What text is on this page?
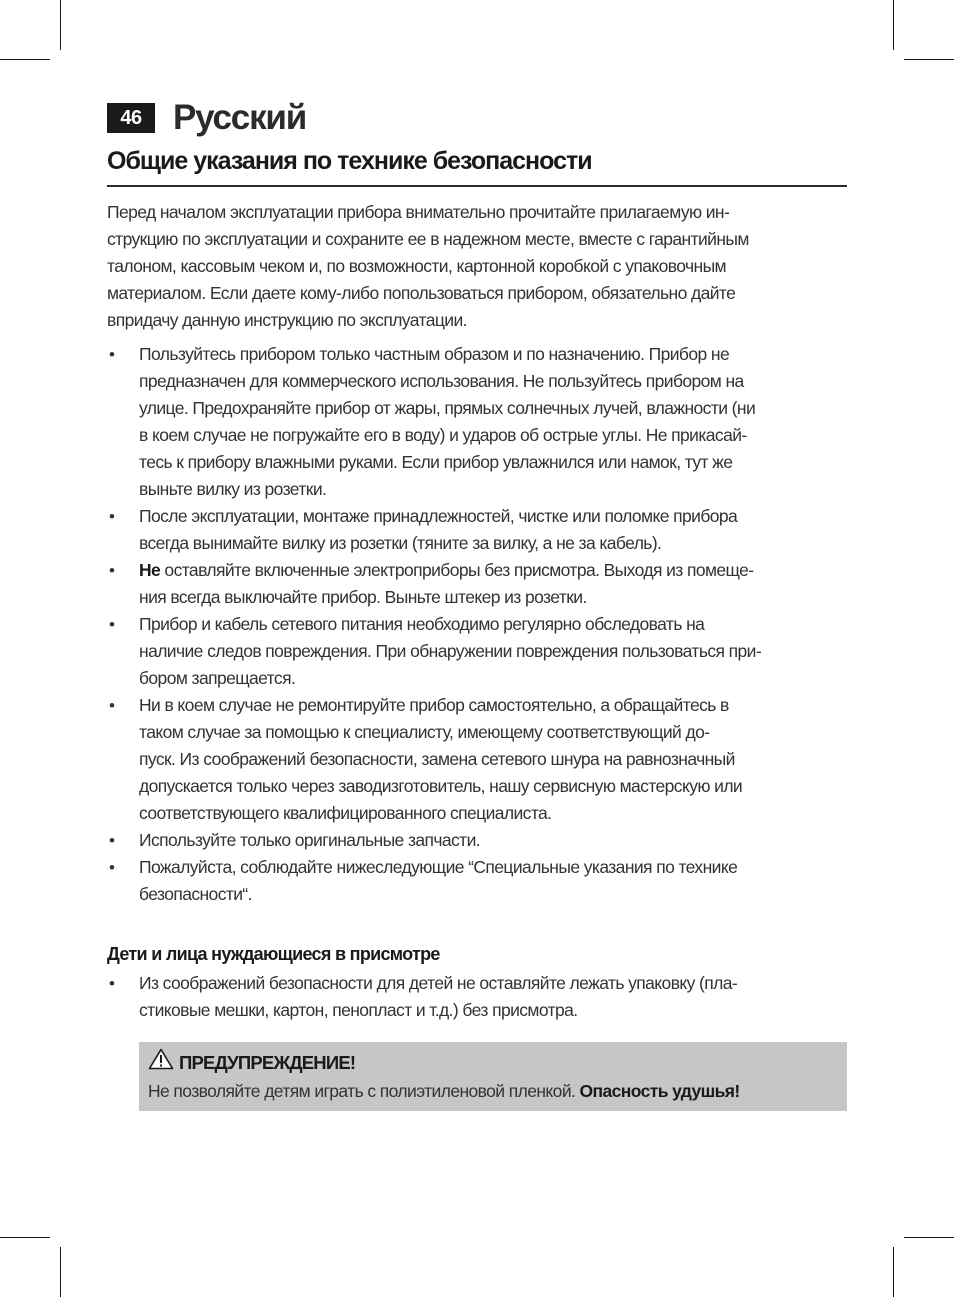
46 Русский
Общие указания по технике безопасности
Перед началом эксплуатации прибора внимательно прочитайте прилагаемую ин-
струкцию по эксплуатации и сохраните ее в надежном месте, вместе с гарантийным
талоном, кассовым чеком и, по возможности, картонной коробкой с упаковочным
материалом. Если даете кому-либо попользоваться прибором, обязательно дайте
впридачу данную инструкцию по эксплуатации.
• Пользуйтесь прибором только частным образом и по назначению. Прибор не
предназначен для коммерческого использования. Не пользуйтесь прибором на
улице. Предохраняйте прибор от жары, прямых солнечных лучей, влажности (ни
в коем случае не погружайте его в воду) и ударов об острые углы. Не прикасай-
тесь к прибору влажными руками. Если прибор увлажнился или намок, тут же
выньте вилку из розетки.
• После эксплуатации, монтаже принадлежностей, чистке или поломке прибора
всегда вынимайте вилку из розетки (тяните за вилку, а не за кабель).
• Не оставляйте включенные электроприборы без присмотра. Выходя из помеще-
ния всегда выключайте прибор. Выньте штекер из розетки.
• Прибор и кабель сетевого питания необходимо регулярно обследовать на
наличие следов повреждения. При обнаружении повреждения пользоваться при-
бором запрещается.
• Ни в коем случае не ремонтируйте прибор самостоятельно, а обращайтесь в
таком случае за помощью к специалисту, имеющему соответствующий до-
пуск. Из соображений безопасности, замена сетевого шнура на равнозначный
допускается только через заводизготовитель, нашу сервисную мастерскую или
соответствующего квалифицированного специалиста.
• Используйте только оригинальные запчасти.
• Пожалуйста, соблюдайте нижеследующие “Специальные указания по технике
безопасности“.
Дети и лица нуждающиеся в присмотре
• Из соображений безопасности для детей не оставляйте лежать упаковку (пла-
стиковые мешки, картон, пенопласт и т.д.) без присмотра.
ПРЕДУПРЕЖДЕНИЕ!
Не позволяйте детям играть с полиэтиленовой пленкой. Опасность удушья!
